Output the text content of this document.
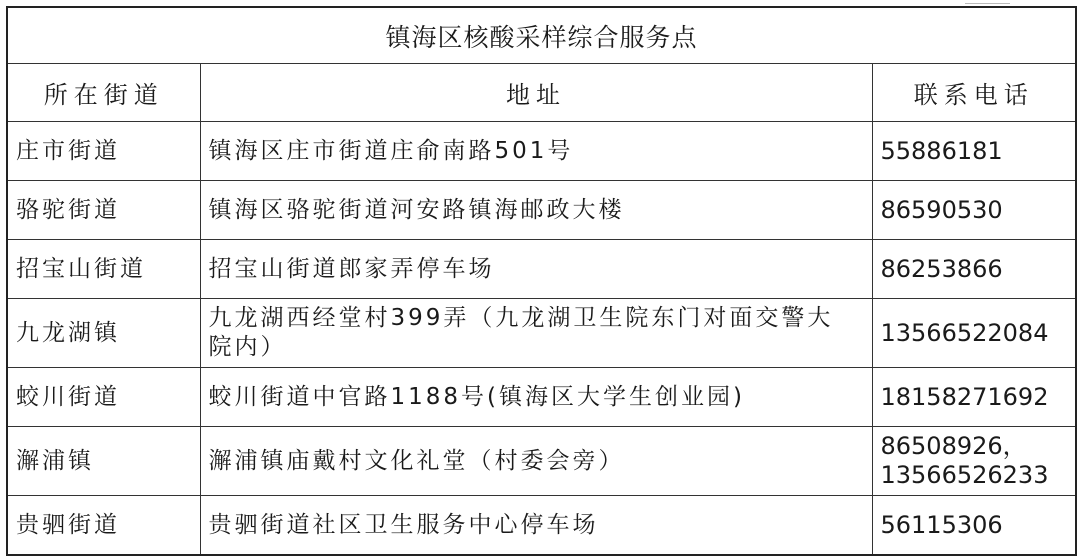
镇海区核酸采样综合服务点		
所在街道	地址	联系电话
庄市街道	镇海区庄市街道庄俞南路501号	55886181

骆驼街道	镇海区骆驼街道河安路镇海邮政大楼	86590530

招宝山街道	招宝山街道郎家弄停车场	86253866

九龙湖镇	九龙湖西经堂村399弄（九龙湖卫生院东门对面交警大院内）	13566522084

蛟川街道	蛟川街道中官路1188号(镇海区大学生创业园)	18158271692

澥浦镇	澥浦镇庙戴村文化礼堂（村委会旁）	86508926，
13566526233

贵驷街道	贵驷街道社区卫生服务中心停车场	56115306
